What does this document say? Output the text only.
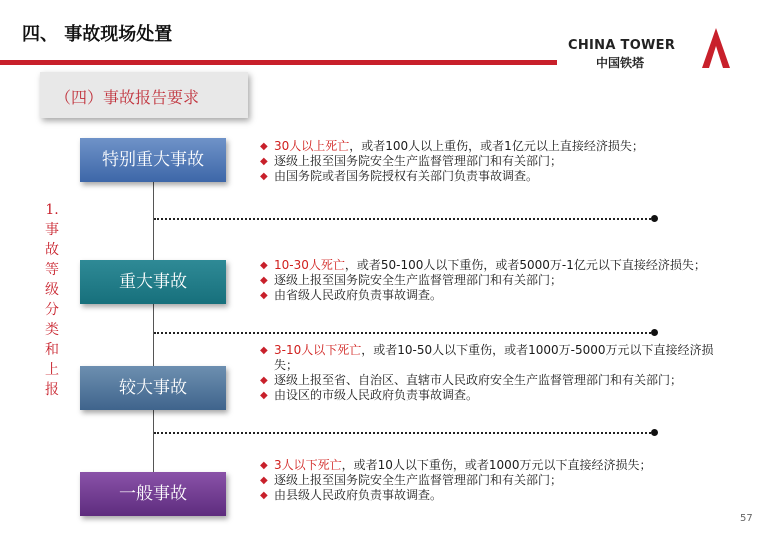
四、 事故现场处置
CHINA TOWER
中国铁塔
（四）事故报告要求
1.
事
故
等
级
分
类
和
上
报
特别重大事故
重大事故
较大事故
一般事故
◆ 30人以上死亡，或者100人以上重伤，或者1亿元以上直接经济损失；
◆ 逐级上报至国务院安全生产监督管理部门和有关部门；
◆ 由国务院或者国务院授权有关部门负责事故调查。
◆ 10-30人死亡，或者50-100人以下重伤，或者5000万-1亿元以下直接经济损失；
◆ 逐级上报至国务院安全生产监督管理部门和有关部门；
◆ 由省级人民政府负责事故调查。
◆ 3-10人以下死亡，或者10-50人以下重伤，或者1000万-5000万元以下直接经济损失；
◆ 逐级上报至省、自治区、直辖市人民政府安全生产监督管理部门和有关部门；
◆ 由设区的市级人民政府负责事故调查。
◆ 3人以下死亡，或者10人以下重伤，或者1000万元以下直接经济损失；
◆ 逐级上报至国务院安全生产监督管理部门和有关部门；
◆ 由县级人民政府负责事故调查。
57
